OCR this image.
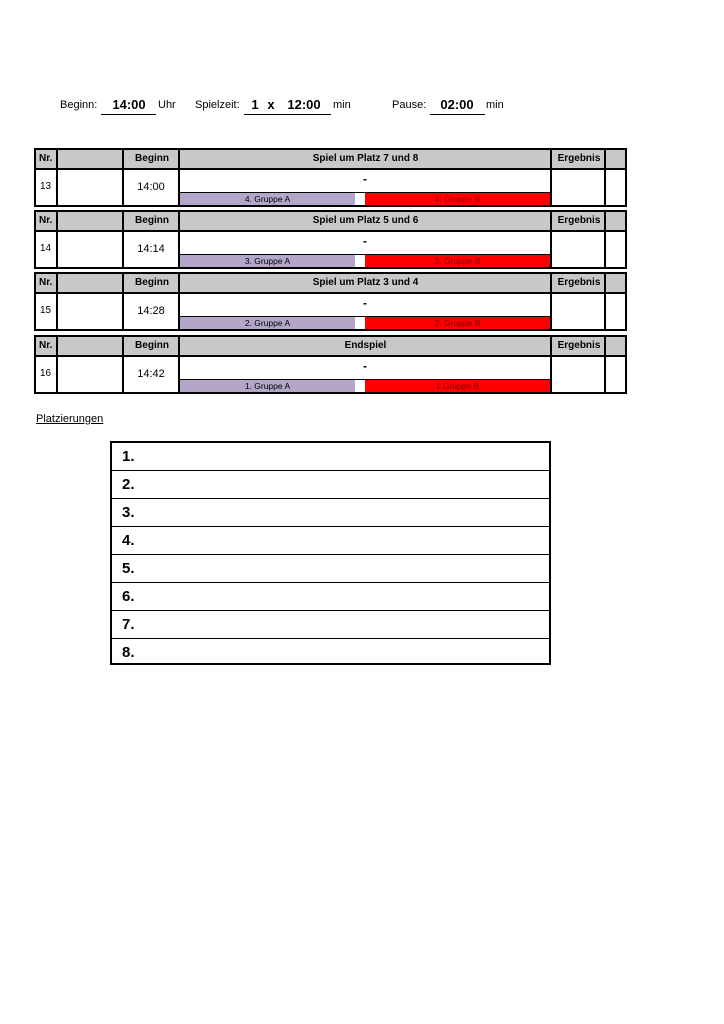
Beginn:	14:00	Uhr Spielzeit: 1 x 12:00	min	Pause:	02:00	min
Nr.	Beginn	Spiel um Platz 7 und 8	Ergebnis
13	14:00
-
4. Gruppe A	4. Gruppe B
Nr.	Beginn	Spiel um Platz 5 und 6	Ergebnis
14	14:14
-
3. Gruppe A	3. Gruppe B
Nr.	Beginn	Spiel um Platz 3 und 4	Ergebnis
15	14:28
-
2. Gruppe A	2. Gruppe B
Nr.	Beginn	Endspiel	Ergebnis
16	14:42
-
1. Gruppe A	1.Gruppe B
Platzierungen
1.
2.
3.
4.
5.
6.
7.
8.
